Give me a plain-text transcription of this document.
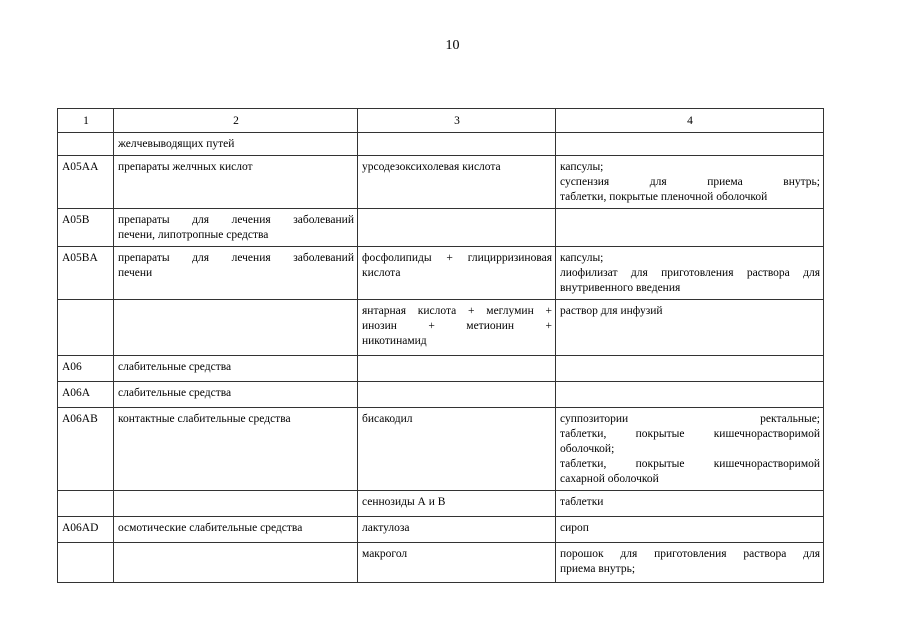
10
1	2	3	4

	желчевыводящих путей		

A05AA	препараты желчных кислот	урсодезоксихолевая кислота	капсулы;
суспензия для приема внутрь;
таблетки, покрытые пленочной оболочкой

A05B	препараты для лечения заболеваний
печени, липотропные средства		

A05BA	препараты для лечения заболеваний
печени	фосфолипиды + глицирризиновая
кислота	капсулы;
лиофилизат для приготовления раствора для
внутривенного введения

		янтарная кислота + меглумин +
инозин + метионин +
никотинамид	раствор для инфузий

A06	слабительные средства		

A06A	слабительные средства		

A06AB	контактные слабительные средства	бисакодил	суппозитории ректальные;
таблетки, покрытые кишечнорастворимой
оболочкой;
таблетки, покрытые кишечнорастворимой
сахарной оболочкой

		сеннозиды А и В	таблетки

A06AD	осмотические слабительные средства	лактулоза	сироп

		макрогол	порошок для приготовления раствора для
приема внутрь;
